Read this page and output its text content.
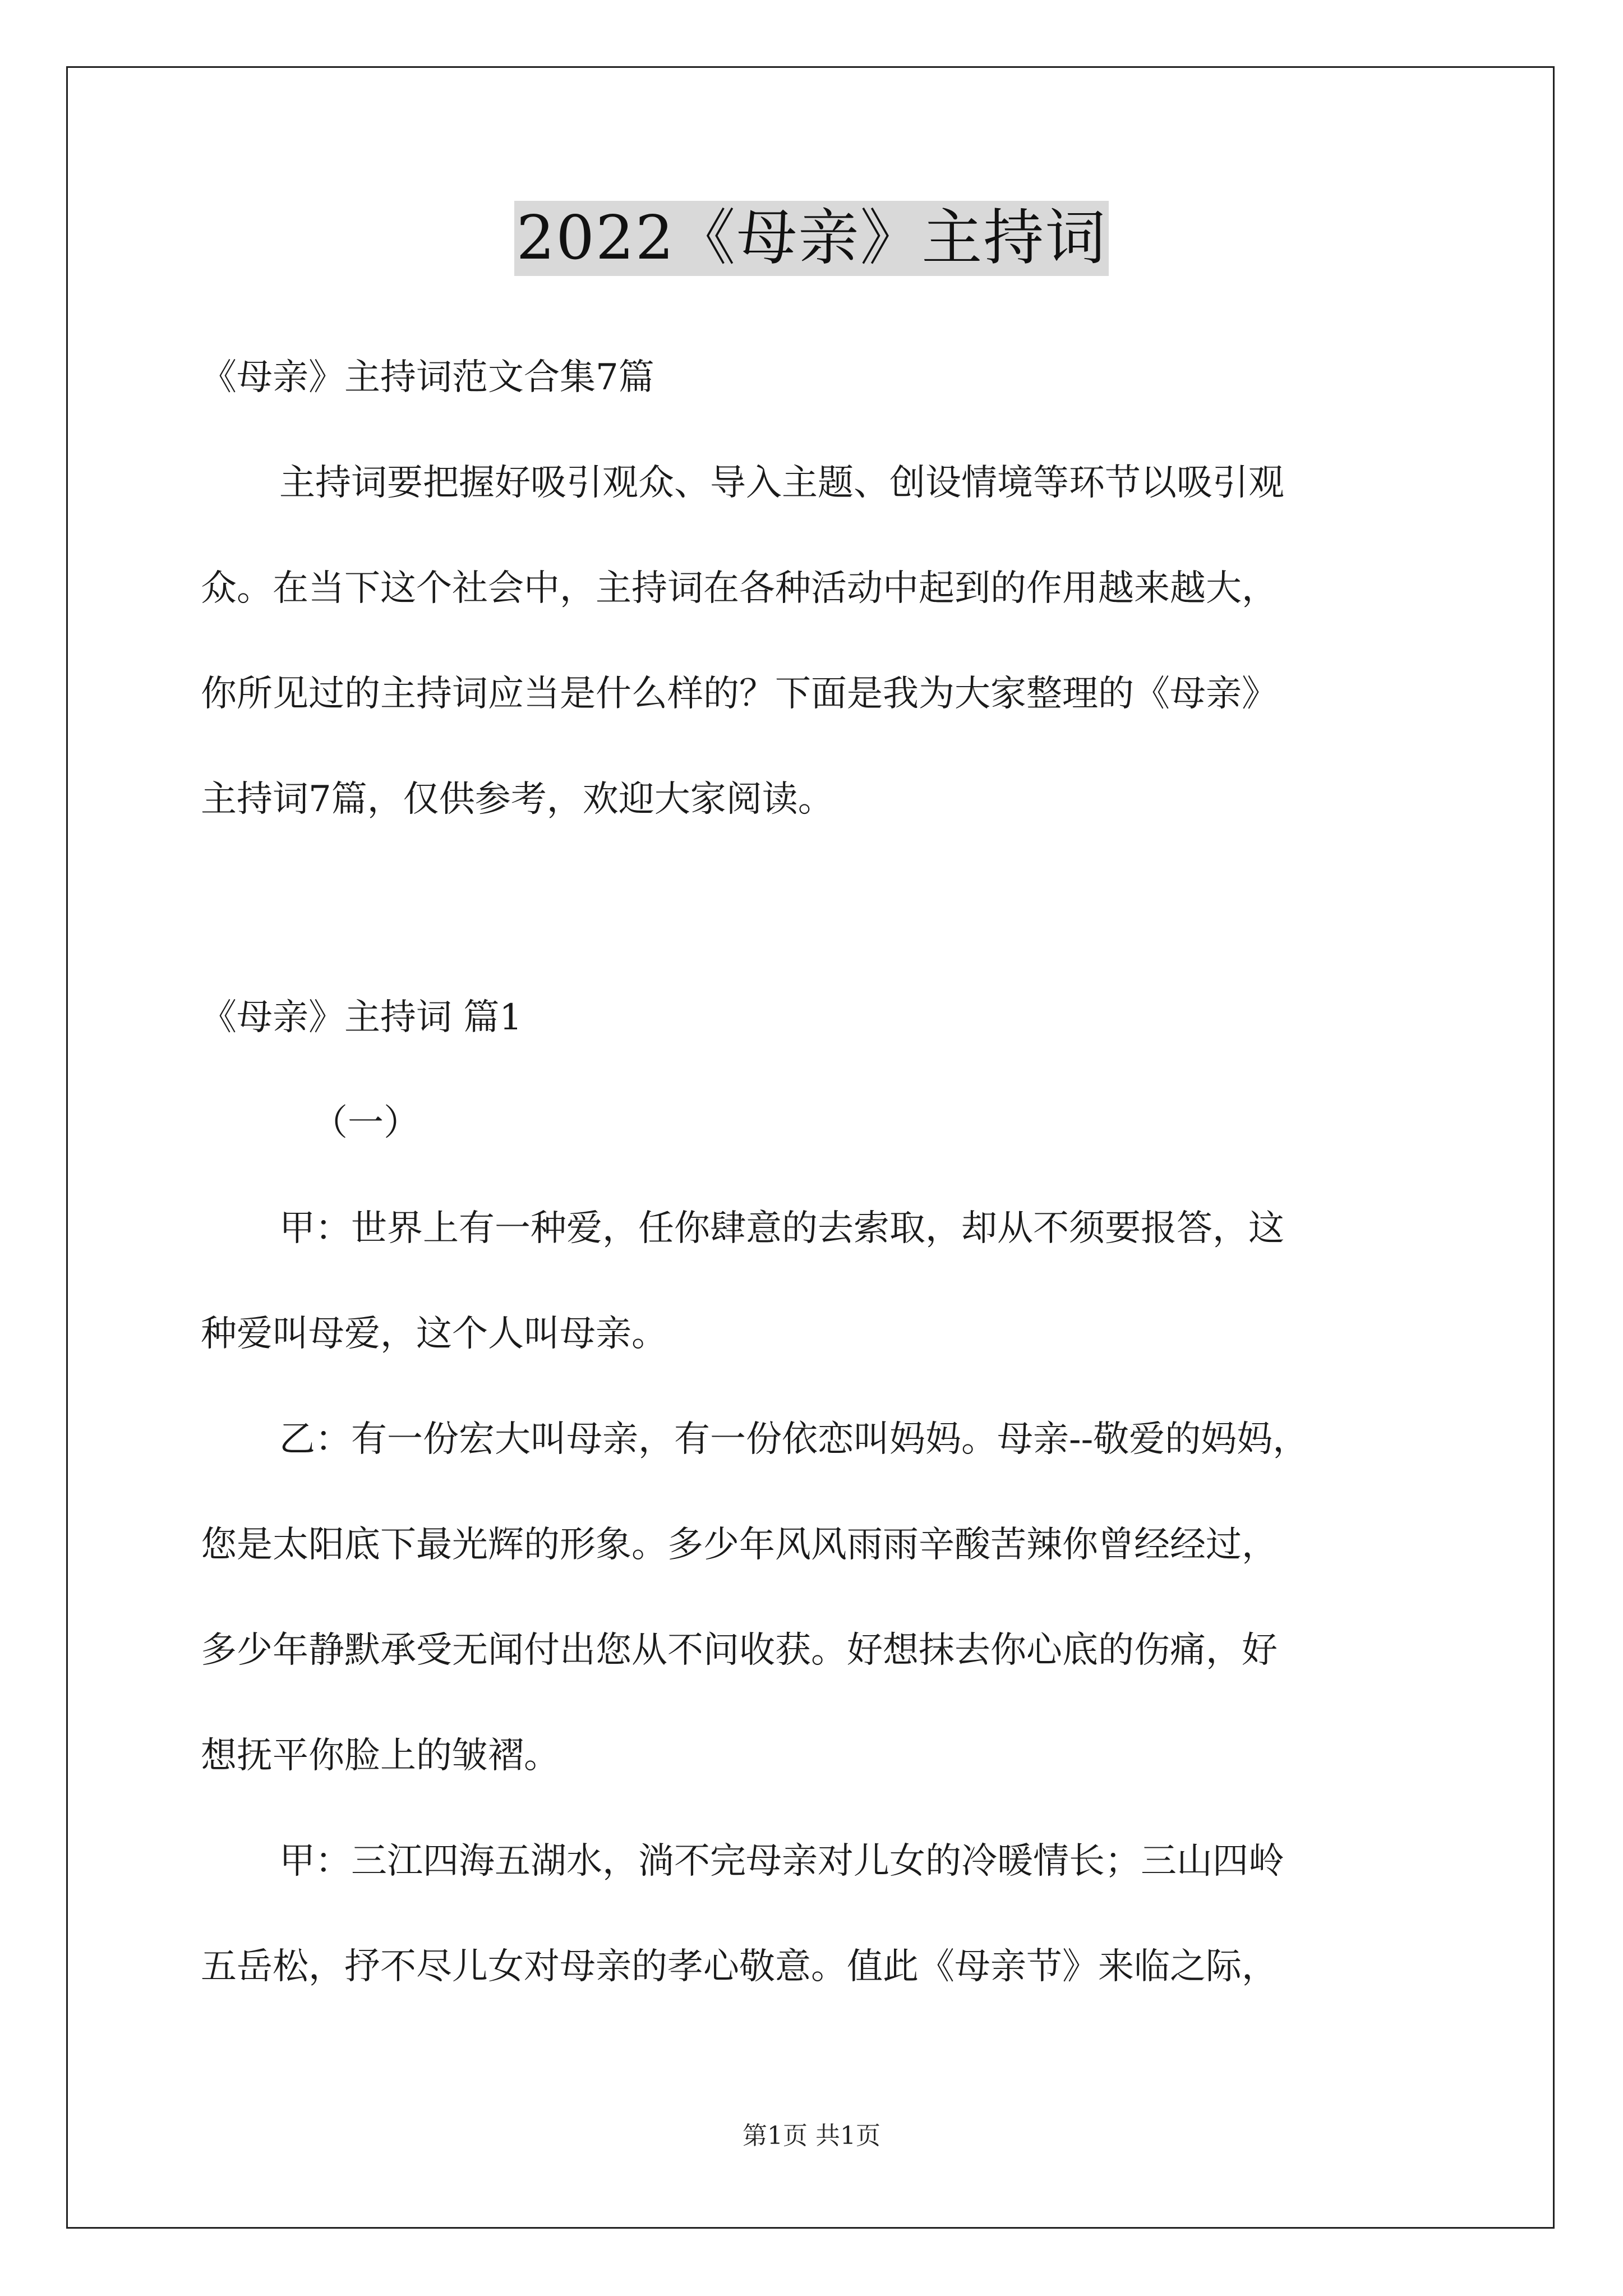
2022《母亲》主持词
《母亲》主持词范文合集7篇
主持词要把握好吸引观众、导入主题、创设情境等环节以吸引观
众。在当下这个社会中，主持词在各种活动中起到的作用越来越大，
你所见过的主持词应当是什么样的？下面是我为大家整理的《母亲》
主持词7篇，仅供参考，欢迎大家阅读。
《母亲》主持词 篇1
（一）
甲：世界上有一种爱，任你肆意的去索取，却从不须要报答，这
种爱叫母爱，这个人叫母亲。
乙：有一份宏大叫母亲，有一份依恋叫妈妈。母亲--敬爱的妈妈，
您是太阳底下最光辉的形象。多少年风风雨雨辛酸苦辣你曾经经过，
多少年静默承受无闻付出您从不问收获。好想抹去你心底的伤痛，好
想抚平你脸上的皱褶。
甲：三江四海五湖水，淌不完母亲对儿女的冷暖情长；三山四岭
五岳松，抒不尽儿女对母亲的孝心敬意。值此《母亲节》来临之际，
第1页 共1页
